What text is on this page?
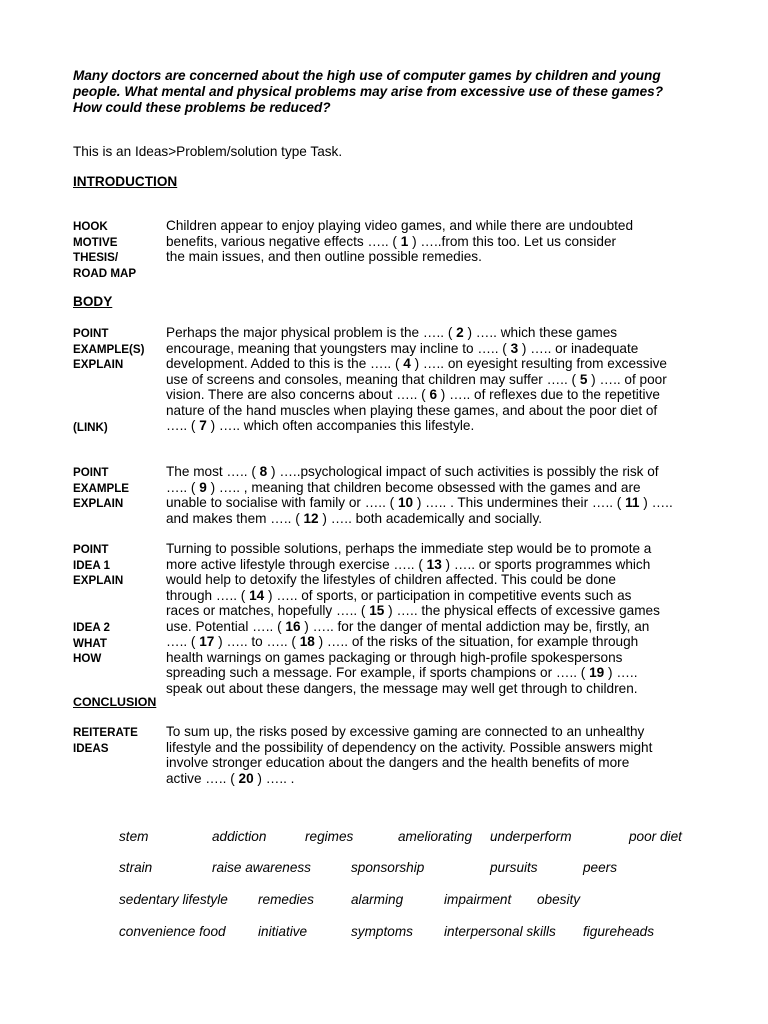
Many doctors are concerned about the high use of computer games by children and young
people. What mental and physical problems may arise from excessive use of these games?
How could these problems be reduced?
This is an Ideas>Problem/solution type Task.
INTRODUCTION
HOOK
MOTIVE
THESIS/
ROAD MAP
Children appear to enjoy playing video games, and while there are undoubted
benefits, various negative effects ….. ( 1 ) …..from this too. Let us consider
the main issues, and then outline possible remedies.
BODY
POINT
EXAMPLE(S)
EXPLAIN
(LINK)
Perhaps the major physical problem is the ….. ( 2 ) ….. which these games
encourage, meaning that youngsters may incline to ….. ( 3 ) ….. or inadequate
development. Added to this is the ….. ( 4 ) ….. on eyesight resulting from excessive
use of screens and consoles, meaning that children may suffer ….. ( 5 ) ….. of poor
vision. There are also concerns about ….. ( 6 ) ….. of reflexes due to the repetitive
nature of the hand muscles when playing these games, and about the poor diet of
….. ( 7 ) ….. which often accompanies this lifestyle.
POINT
EXAMPLE
EXPLAIN
The most ….. ( 8 ) …..psychological impact of such activities is possibly the risk of
….. ( 9 ) ….. , meaning that children become obsessed with the games and are
unable to socialise with family or ….. ( 10 ) ….. . This undermines their ….. ( 11 ) …..
and makes them ….. ( 12 ) ….. both academically and socially.
POINT
IDEA 1
EXPLAIN
IDEA 2
WHAT
HOW
Turning to possible solutions, perhaps the immediate step would be to promote a
more active lifestyle through exercise ….. ( 13 ) ….. or sports programmes which
would help to detoxify the lifestyles of children affected. This could be done
through ….. ( 14 ) ….. of sports, or participation in competitive events such as
races or matches, hopefully ….. ( 15 ) ….. the physical effects of excessive games
use. Potential ….. ( 16 ) ….. for the danger of mental addiction may be, firstly, an
….. ( 17 ) ….. to ….. ( 18 ) ….. of the risks of the situation, for example through
health warnings on games packaging or through high-profile spokespersons
spreading such a message. For example, if sports champions or ….. ( 19 ) …..
speak out about these dangers, the message may well get through to children.
CONCLUSION
REITERATE
IDEAS
To sum up, the risks posed by excessive gaming are connected to an unhealthy
lifestyle and the possibility of dependency on the activity. Possible answers might
involve stronger education about the dangers and the health benefits of more
active ….. ( 20 ) ….. .
stem	addiction	regimes	ameliorating underperform	poor diet
strain	raise awareness	sponsorship	pursuits	peers
sedentary lifestyle remedies	alarming	impairment obesity
convenience food initiative	symptoms interpersonal skills figureheads
